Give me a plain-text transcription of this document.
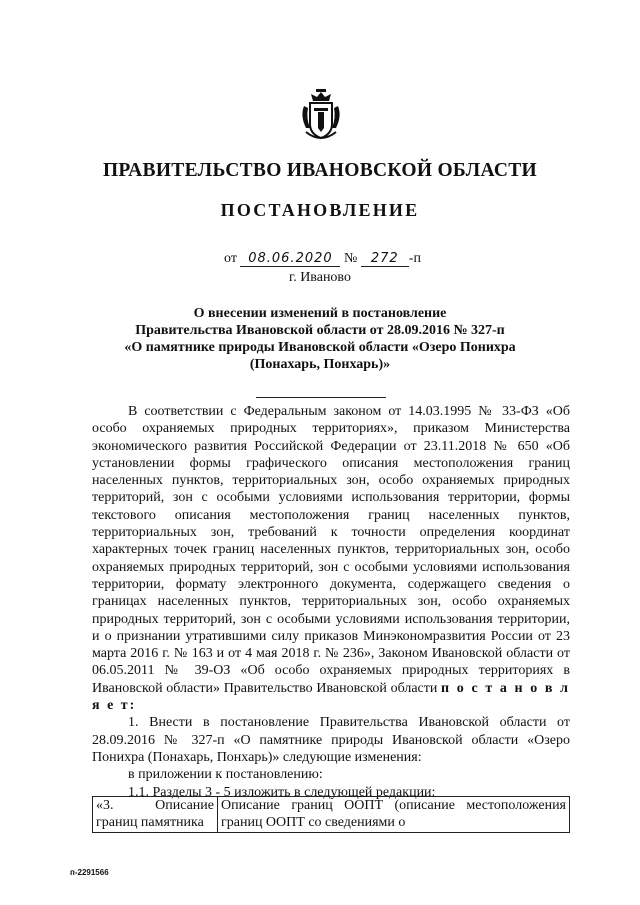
ПРАВИТЕЛЬСТВО ИВАНОВСКОЙ ОБЛАСТИ
ПОСТАНОВЛЕНИЕ
от 08.06.2020 № 272 -п
г. Иваново
О внесении изменений в постановление
Правительства Ивановской области от 28.09.2016 № 327-п
«О памятнике природы Ивановской области «Озеро Понихра
(Понахарь, Понхарь)»

В соответствии с Федеральным законом от 14.03.1995 № 33-ФЗ «Об особо охраняемых природных территориях», приказом Министерства экономического развития Российской Федерации от 23.11.2018 № 650 «Об установлении формы графического описания местоположения границ населенных пунктов, территориальных зон, особо охраняемых природных территорий, зон с особыми условиями использования территории, формы текстового описания местоположения границ населенных пунктов, территориальных зон, требований к точности определения координат характерных точек границ населенных пунктов, территориальных зон, особо охраняемых природных территорий, зон с особыми условиями использования территории, формату электронного документа, содержащего сведения о границах населенных пунктов, территориальных зон, особо охраняемых природных территорий, зон с особыми условиями использования территории, и о признании утратившими силу приказов Минэкономразвития России от 23 марта 2016 г. № 163 и от 4 мая 2018 г. № 236», Законом Ивановской области от 06.05.2011 № 39-ОЗ «Об особо охраняемых природных территориях в Ивановской области» Правительство Ивановской области п о с т а н о в л я е т:

1. Внести в постановление Правительства Ивановской области от 28.09.2016 № 327-п «О памятнике природы Ивановской области «Озеро Понихра (Понахарь, Понхарь)» следующие изменения:

в приложении к постановлению:

1.1. Разделы 3 - 5 изложить в следующей редакции:

«3. Описание границ памятника	Описание границ ООПТ (описание местоположения границ ООПТ со сведениями о
п-2291566
